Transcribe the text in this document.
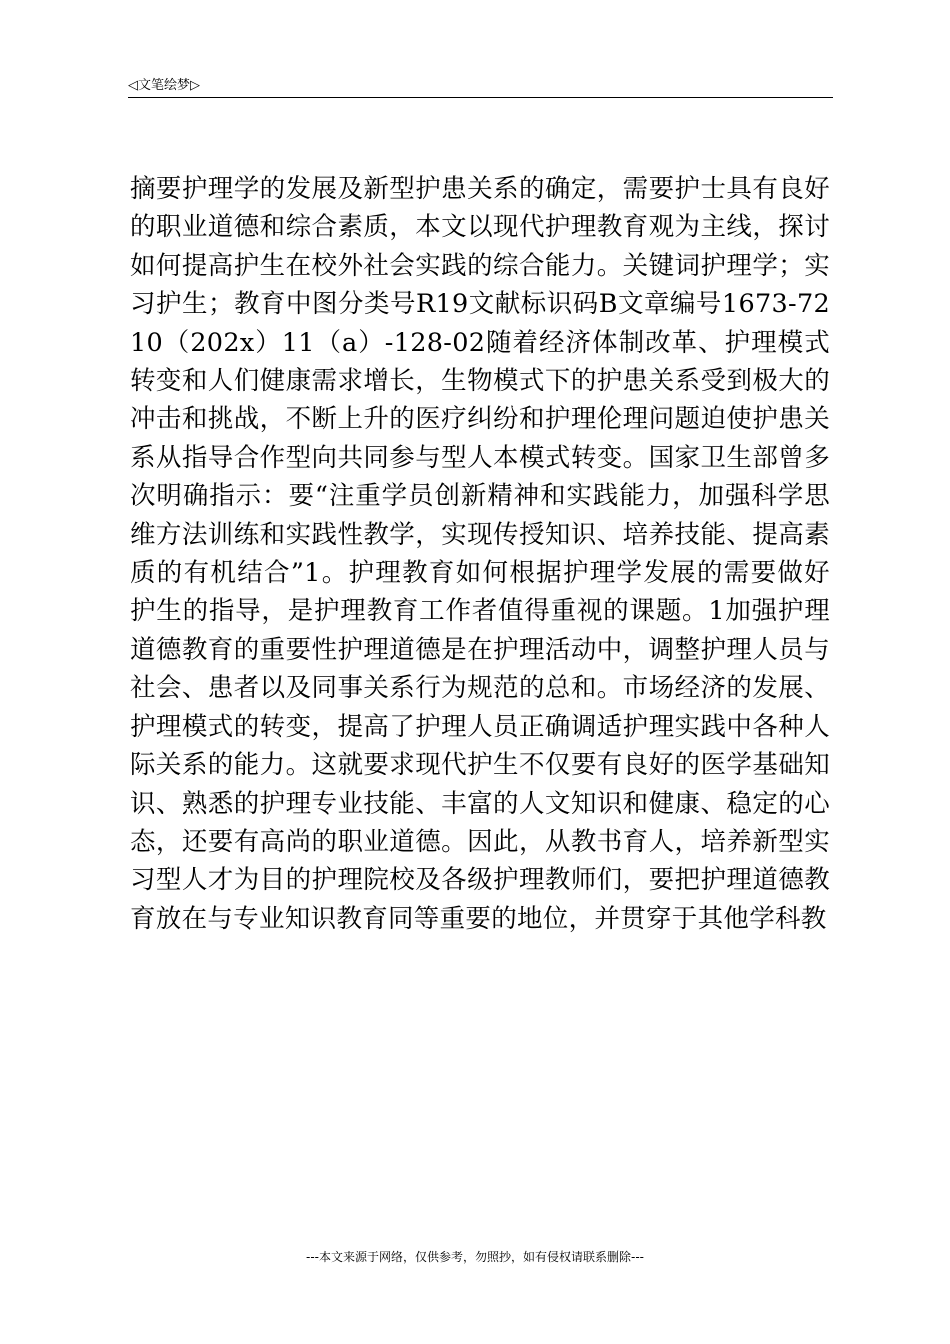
◁文笔绘梦▷

摘要护理学的发展及新型护患关系的确定，需要护士具有良好的职业道德和综合素质，本文以现代护理教育观为主线，探讨如何提高护生在校外社会实践的综合能力。关键词护理学；实习护生；教育中图分类号R19文献标识码B文章编号1673-7210（202x）11（a）-128-02随着经济体制改革、护理模式转变和人们健康需求增长，生物模式下的护患关系受到极大的冲击和挑战，不断上升的医疗纠纷和护理伦理问题迫使护患关系从指导合作型向共同参与型人本模式转变。国家卫生部曾多次明确指示：要“注重学员创新精神和实践能力，加强科学思维方法训练和实践性教学，实现传授知识、培养技能、提高素质的有机结合”1。护理教育如何根据护理学发展的需要做好护生的指导，是护理教育工作者值得重视的课题。1加强护理道德教育的重要性护理道德是在护理活动中，调整护理人员与社会、患者以及同事关系行为规范的总和。市场经济的发展、护理模式的转变，提高了护理人员正确调适护理实践中各种人际关系的能力。这就要求现代护生不仅要有良好的医学基础知识、熟悉的护理专业技能、丰富的人文知识和健康、稳定的心态，还要有高尚的职业道德。因此，从教书育人，培养新型实习型人才为目的护理院校及各级护理教师们，要把护理道德教育放在与专业知识教育同等重要的地位，并贯穿于其他学科教

---本文来源于网络，仅供参考，勿照抄，如有侵权请联系删除---
